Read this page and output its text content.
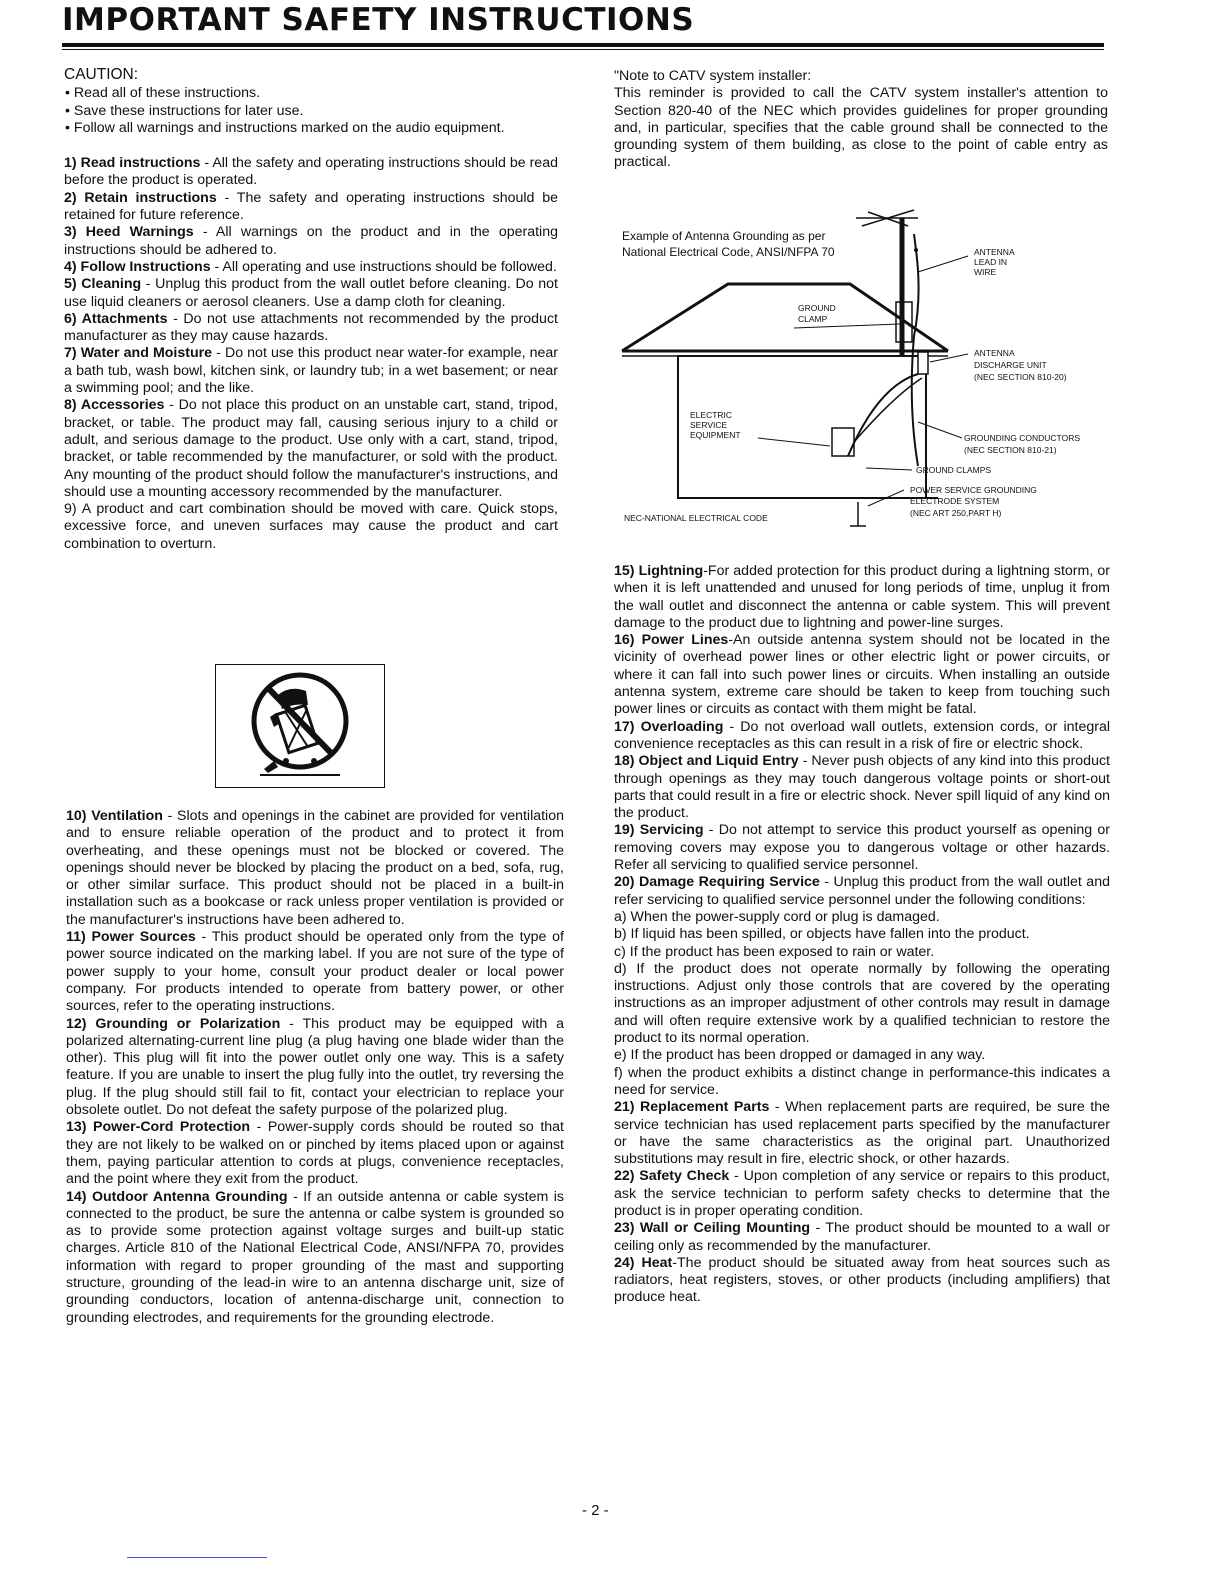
IMPORTANT SAFETY INSTRUCTIONS

CAUTION:

• Read all of these instructions.

• Save these instructions for later use.

• Follow all warnings and instructions marked on the audio equipment.

1) Read instructions - All the safety and operating instructions should be read before the product is operated.

2) Retain instructions - The safety and operating instructions should be retained for future reference.

3) Heed Warnings - All warnings on the product and in the operating instructions should be adhered to.

4) Follow Instructions - All operating and use instructions should be followed.

5) Cleaning - Unplug this product from the wall outlet before cleaning. Do not use liquid cleaners or aerosol cleaners. Use a damp cloth for cleaning.

6) Attachments - Do not use attachments not recommended by the product manufacturer as they may cause hazards.

7) Water and Moisture - Do not use this product near water-for example, near a bath tub, wash bowl, kitchen sink, or laundry tub; in a wet basement; or near a swimming pool; and the like.

8) Accessories - Do not place this product on an unstable cart, stand, tripod, bracket, or table. The product may fall, causing serious injury to a child or adult, and serious damage to the product. Use only with a cart, stand, tripod, bracket, or table recommended by the manufacturer, or sold with the product. Any mounting of the product should follow the manufacturer's instructions, and should use a mounting accessory recommended by the manufacturer.

9) A product and cart combination should be moved with care. Quick stops, excessive force, and uneven surfaces may cause the product and cart combination to overturn.

10) Ventilation - Slots and openings in the cabinet are provided for ventilation and to ensure reliable operation of the product and to protect it from overheating, and these openings must not be blocked or covered. The openings should never be blocked by placing the product on a bed, sofa, rug, or other similar surface. This product should not be placed in a built-in installation such as a bookcase or rack unless proper ventilation is provided or the manufacturer's instructions have been adhered to.

11) Power Sources - This product should be operated only from the type of power source indicated on the marking label. If you are not sure of the type of power supply to your home, consult your product dealer or local power company. For products intended to operate from battery power, or other sources, refer to the operating instructions.

12) Grounding or Polarization - This product may be equipped with a polarized alternating-current line plug (a plug having one blade wider than the other). This plug will fit into the power outlet only one way. This is a safety feature. If you are unable to insert the plug fully into the outlet, try reversing the plug. If the plug should still fail to fit, contact your electrician to replace your obsolete outlet. Do not defeat the safety purpose of the polarized plug.

13) Power-Cord Protection - Power-supply cords should be routed so that they are not likely to be walked on or pinched by items placed upon or against them, paying particular attention to cords at plugs, convenience receptacles, and the point where they exit from the product.

14) Outdoor Antenna Grounding - If an outside antenna or cable system is connected to the product, be sure the antenna or calbe system is grounded so as to provide some protection against voltage surges and built-up static charges. Article 810 of the National Electrical Code, ANSI/NFPA 70, provides information with regard to proper grounding of the mast and supporting structure, grounding of the lead-in wire to an antenna discharge unit, size of grounding conductors, location of antenna-discharge unit, connection to grounding electrodes, and requirements for the grounding electrode.

"Note to CATV system installer:

This reminder is provided to call the CATV system installer's attention to Section 820-40 of the NEC which provides guidelines for proper grounding and, in particular, specifies that the cable ground shall be connected to the grounding system of them building, as close to the point of cable entry as practical.

Example of Antenna Grounding as per
National Electrical Code, ANSI/NFPA 70	ANTENNA
LEAD IN
WIRE
GROUND
CLAMP
ANTENNA
DISCHARGE UNIT
(NEC SECTION 810-20)
ELECTRIC
SERVICE
EQUIPMENT	GROUNDING CONDUCTORS
(NEC SECTION 810-21)
GROUND CLAMPS
POWER SERVICE GROUNDING
ELECTRODE SYSTEM
(NEC ART 250,PART H)
NEC-NATIONAL ELECTRICAL CODE

15) Lightning-For added protection for this product during a lightning storm, or when it is left unattended and unused for long periods of time, unplug it from the wall outlet and disconnect the antenna or cable system. This will prevent damage to the product due to lightning and power-line surges.

16) Power Lines-An outside antenna system should not be located in the vicinity of overhead power lines or other electric light or power circuits, or where it can fall into such power lines or circuits. When installing an outside antenna system, extreme care should be taken to keep from touching such power lines or circuits as contact with them might be fatal.

17) Overloading - Do not overload wall outlets, extension cords, or integral convenience receptacles as this can result in a risk of fire or electric shock.

18) Object and Liquid Entry - Never push objects of any kind into this product through openings as they may touch dangerous voltage points or short-out parts that could result in a fire or electric shock. Never spill liquid of any kind on the product.

19) Servicing - Do not attempt to service this product yourself as opening or removing covers may expose you to dangerous voltage or other hazards. Refer all servicing to qualified service personnel.

20) Damage Requiring Service - Unplug this product from the wall outlet and refer servicing to qualified service personnel under the following conditions:

a) When the power-supply cord or plug is damaged.

b) If liquid has been spilled, or objects have fallen into the product.

c) If the product has been exposed to rain or water.

d) If the product does not operate normally by following the operating instructions. Adjust only those controls that are covered by the operating instructions as an improper adjustment of other controls may result in damage and will often require extensive work by a qualified technician to restore the product to its normal operation.

e) If the product has been dropped or damaged in any way.

f) when the product exhibits a distinct change in performance-this indicates a need for service.

21) Replacement Parts - When replacement parts are required, be sure the service technician has used replacement parts specified by the manufacturer or have the same characteristics as the original part. Unauthorized substitutions may result in fire, electric shock, or other hazards.

22) Safety Check - Upon completion of any service or repairs to this product, ask the service technician to perform safety checks to determine that the product is in proper operating condition.

23) Wall or Ceiling Mounting - The product should be mounted to a wall or ceiling only as recommended by the manufacturer.

24) Heat-The product should be situated away from heat sources such as radiators, heat registers, stoves, or other products (including amplifiers) that produce heat.

- 2 -
